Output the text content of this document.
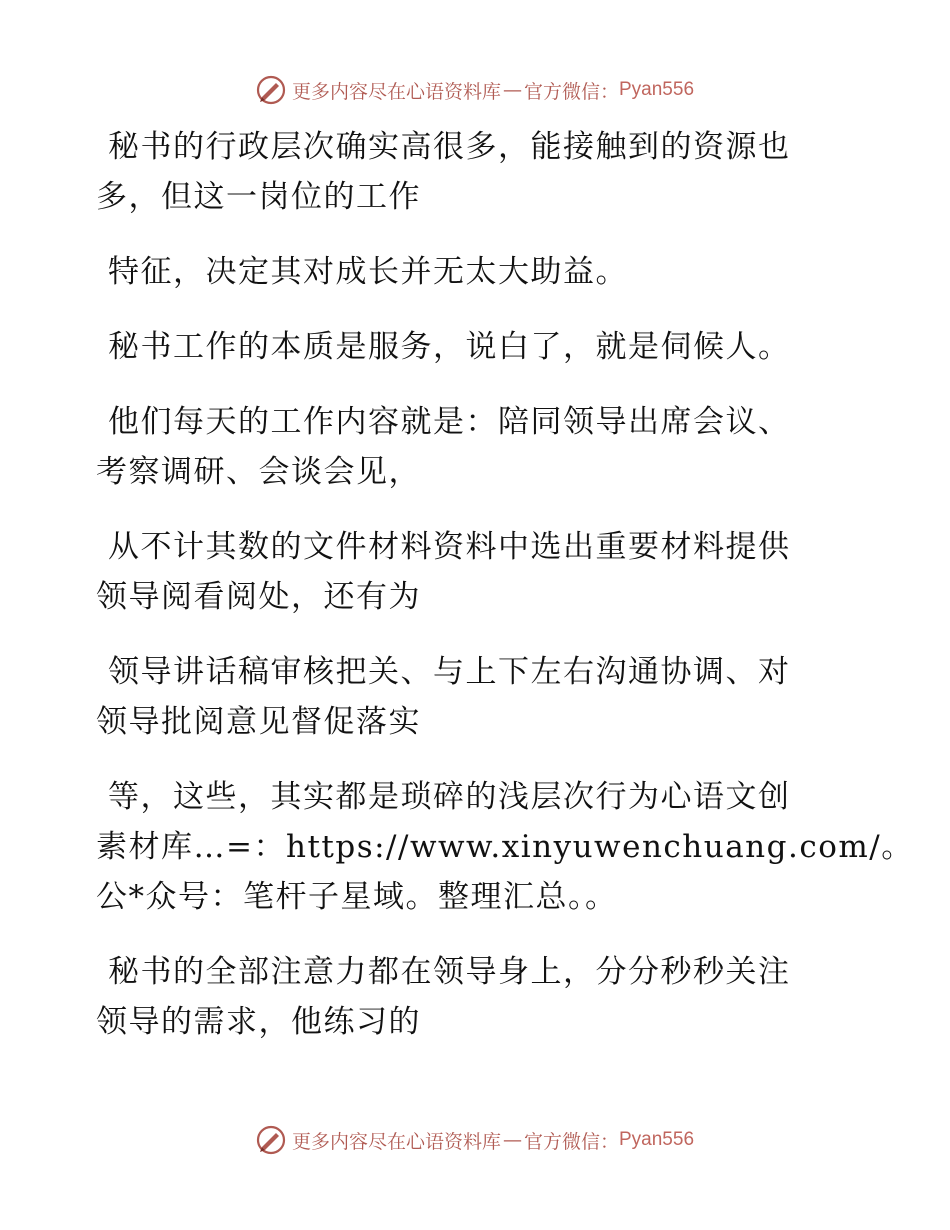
更多内容尽在心语资料库 — 官方微信： Pyan556

秘书的行政层次确实高很多，能接触到的资源也
多，但这一岗位的工作

特征，决定其对成长并无太大助益。

秘书工作的本质是服务，说白了，就是伺候人。

他们每天的工作内容就是：陪同领导出席会议、
考察调研、会谈会见，

从不计其数的文件材料资料中选出重要材料提供
领导阅看阅处，还有为

领导讲话稿审核把关、与上下左右沟通协调、对
领导批阅意见督促落实

等，这些，其实都是琐碎的浅层次行为心语文创
素材库…=：https://www.xinyuwenchuang.com/。
公*众号：笔杆子星域。整理汇总。。

秘书的全部注意力都在领导身上，分分秒秒关注
领导的需求，他练习的

更多内容尽在心语资料库 — 官方微信： Pyan556
